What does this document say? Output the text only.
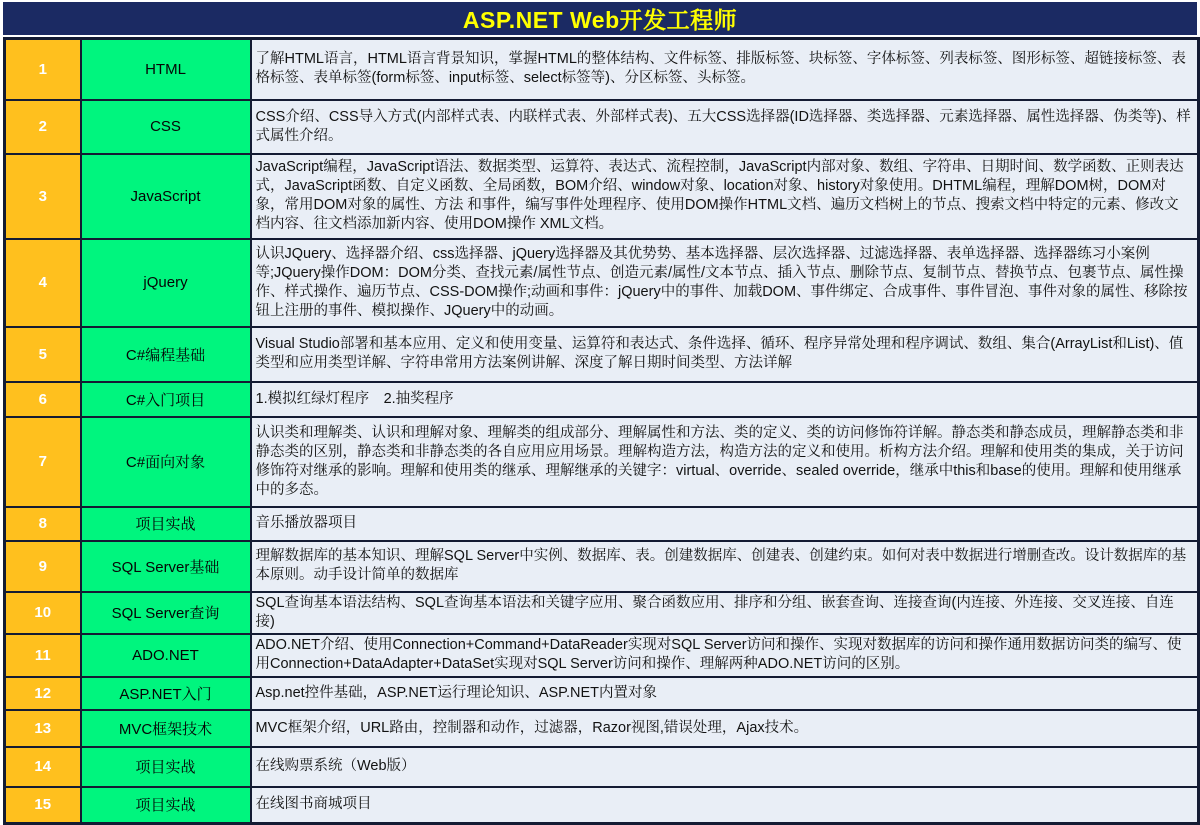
ASP.NET Web开发工程师
1	HTML	了解HTML语言，HTML语言背景知识，掌握HTML的整体结构、文件标签、排版标签、块标签、字体标签、列表标签、图形标签、超链接标签、表格标签、表单标签(form标签、input标签、select标签等)、分区标签、头标签。
2	CSS	CSS介绍、CSS导入方式(内部样式表、内联样式表、外部样式表)、五大CSS选择器(ID选择器、类选择器、元素选择器、属性选择器、伪类等)、样式属性介绍。
3	JavaScript	JavaScript编程，JavaScript语法、数据类型、运算符、表达式、流程控制，JavaScript内部对象、数组、字符串、日期时间、数学函数、正则表达式，JavaScript函数、自定义函数、全局函数，BOM介绍、window对象、location对象、history对象使用。DHTML编程，理解DOM树，DOM对象，常用DOM对象的属性、方法 和事件，编写事件处理程序、使用DOM操作HTML文档、遍历文档树上的节点、搜索文档中特定的元素、修改文档内容、往文档添加新内容、使用DOM操作 XML文档。
4	jQuery	认识JQuery、选择器介绍、css选择器、jQuery选择器及其优势势、基本选择器、层次选择器、过滤选择器、表单选择器、选择器练习小案例等;JQuery操作DOM：DOM分类、查找元素/属性节点、创造元素/属性/文本节点、插入节点、删除节点、复制节点、替换节点、包裹节点、属性操作、样式操作、遍历节点、CSS-DOM操作;动画和事件：jQuery中的事件、加载DOM、事件绑定、合成事件、事件冒泡、事件对象的属性、移除按钮上注册的事件、模拟操作、JQuery中的动画。
5	C#编程基础	Visual Studio部署和基本应用、定义和使用变量、运算符和表达式、条件选择、循环、程序异常处理和程序调试、数组、集合(ArrayList和List)、值类型和应用类型详解、字符串常用方法案例讲解、深度了解日期时间类型、方法详解
6	C#入门项目	1.模拟红绿灯程序　2.抽奖程序
7	C#面向对象	认识类和理解类、认识和理解对象、理解类的组成部分、理解属性和方法、类的定义、类的访问修饰符详解。静态类和静态成员，理解静态类和非静态类的区别，静态类和非静态类的各自应用应用场景。理解构造方法，构造方法的定义和使用。析构方法介绍。理解和使用类的集成，关于访问修饰符对继承的影响。理解和使用类的继承、理解继承的关键字：virtual、override、sealed override，继承中this和base的使用。理解和使用继承中的多态。
8	项目实战	音乐播放器项目
9	SQL Server基础	理解数据库的基本知识、理解SQL Server中实例、数据库、表。创建数据库、创建表、创建约束。如何对表中数据进行增删查改。设计数据库的基本原则。动手设计简单的数据库
10	SQL Server查询	SQL查询基本语法结构、SQL查询基本语法和关键字应用、聚合函数应用、排序和分组、嵌套查询、连接查询(内连接、外连接、交叉连接、自连接)
11	ADO.NET	ADO.NET介绍、使用Connection+Command+DataReader实现对SQL Server访问和操作、实现对数据库的访问和操作通用数据访问类的编写、使用Connection+DataAdapter+DataSet实现对SQL Server访问和操作、理解两种ADO.NET访问的区别。
12	ASP.NET入门	Asp.net控件基础，ASP.NET运行理论知识、ASP.NET内置对象
13	MVC框架技术	MVC框架介绍，URL路由，控制器和动作，过滤器，Razor视图,错误处理，Ajax技术。
14	项目实战	在线购票系统（Web版）
15	项目实战	在线图书商城项目
